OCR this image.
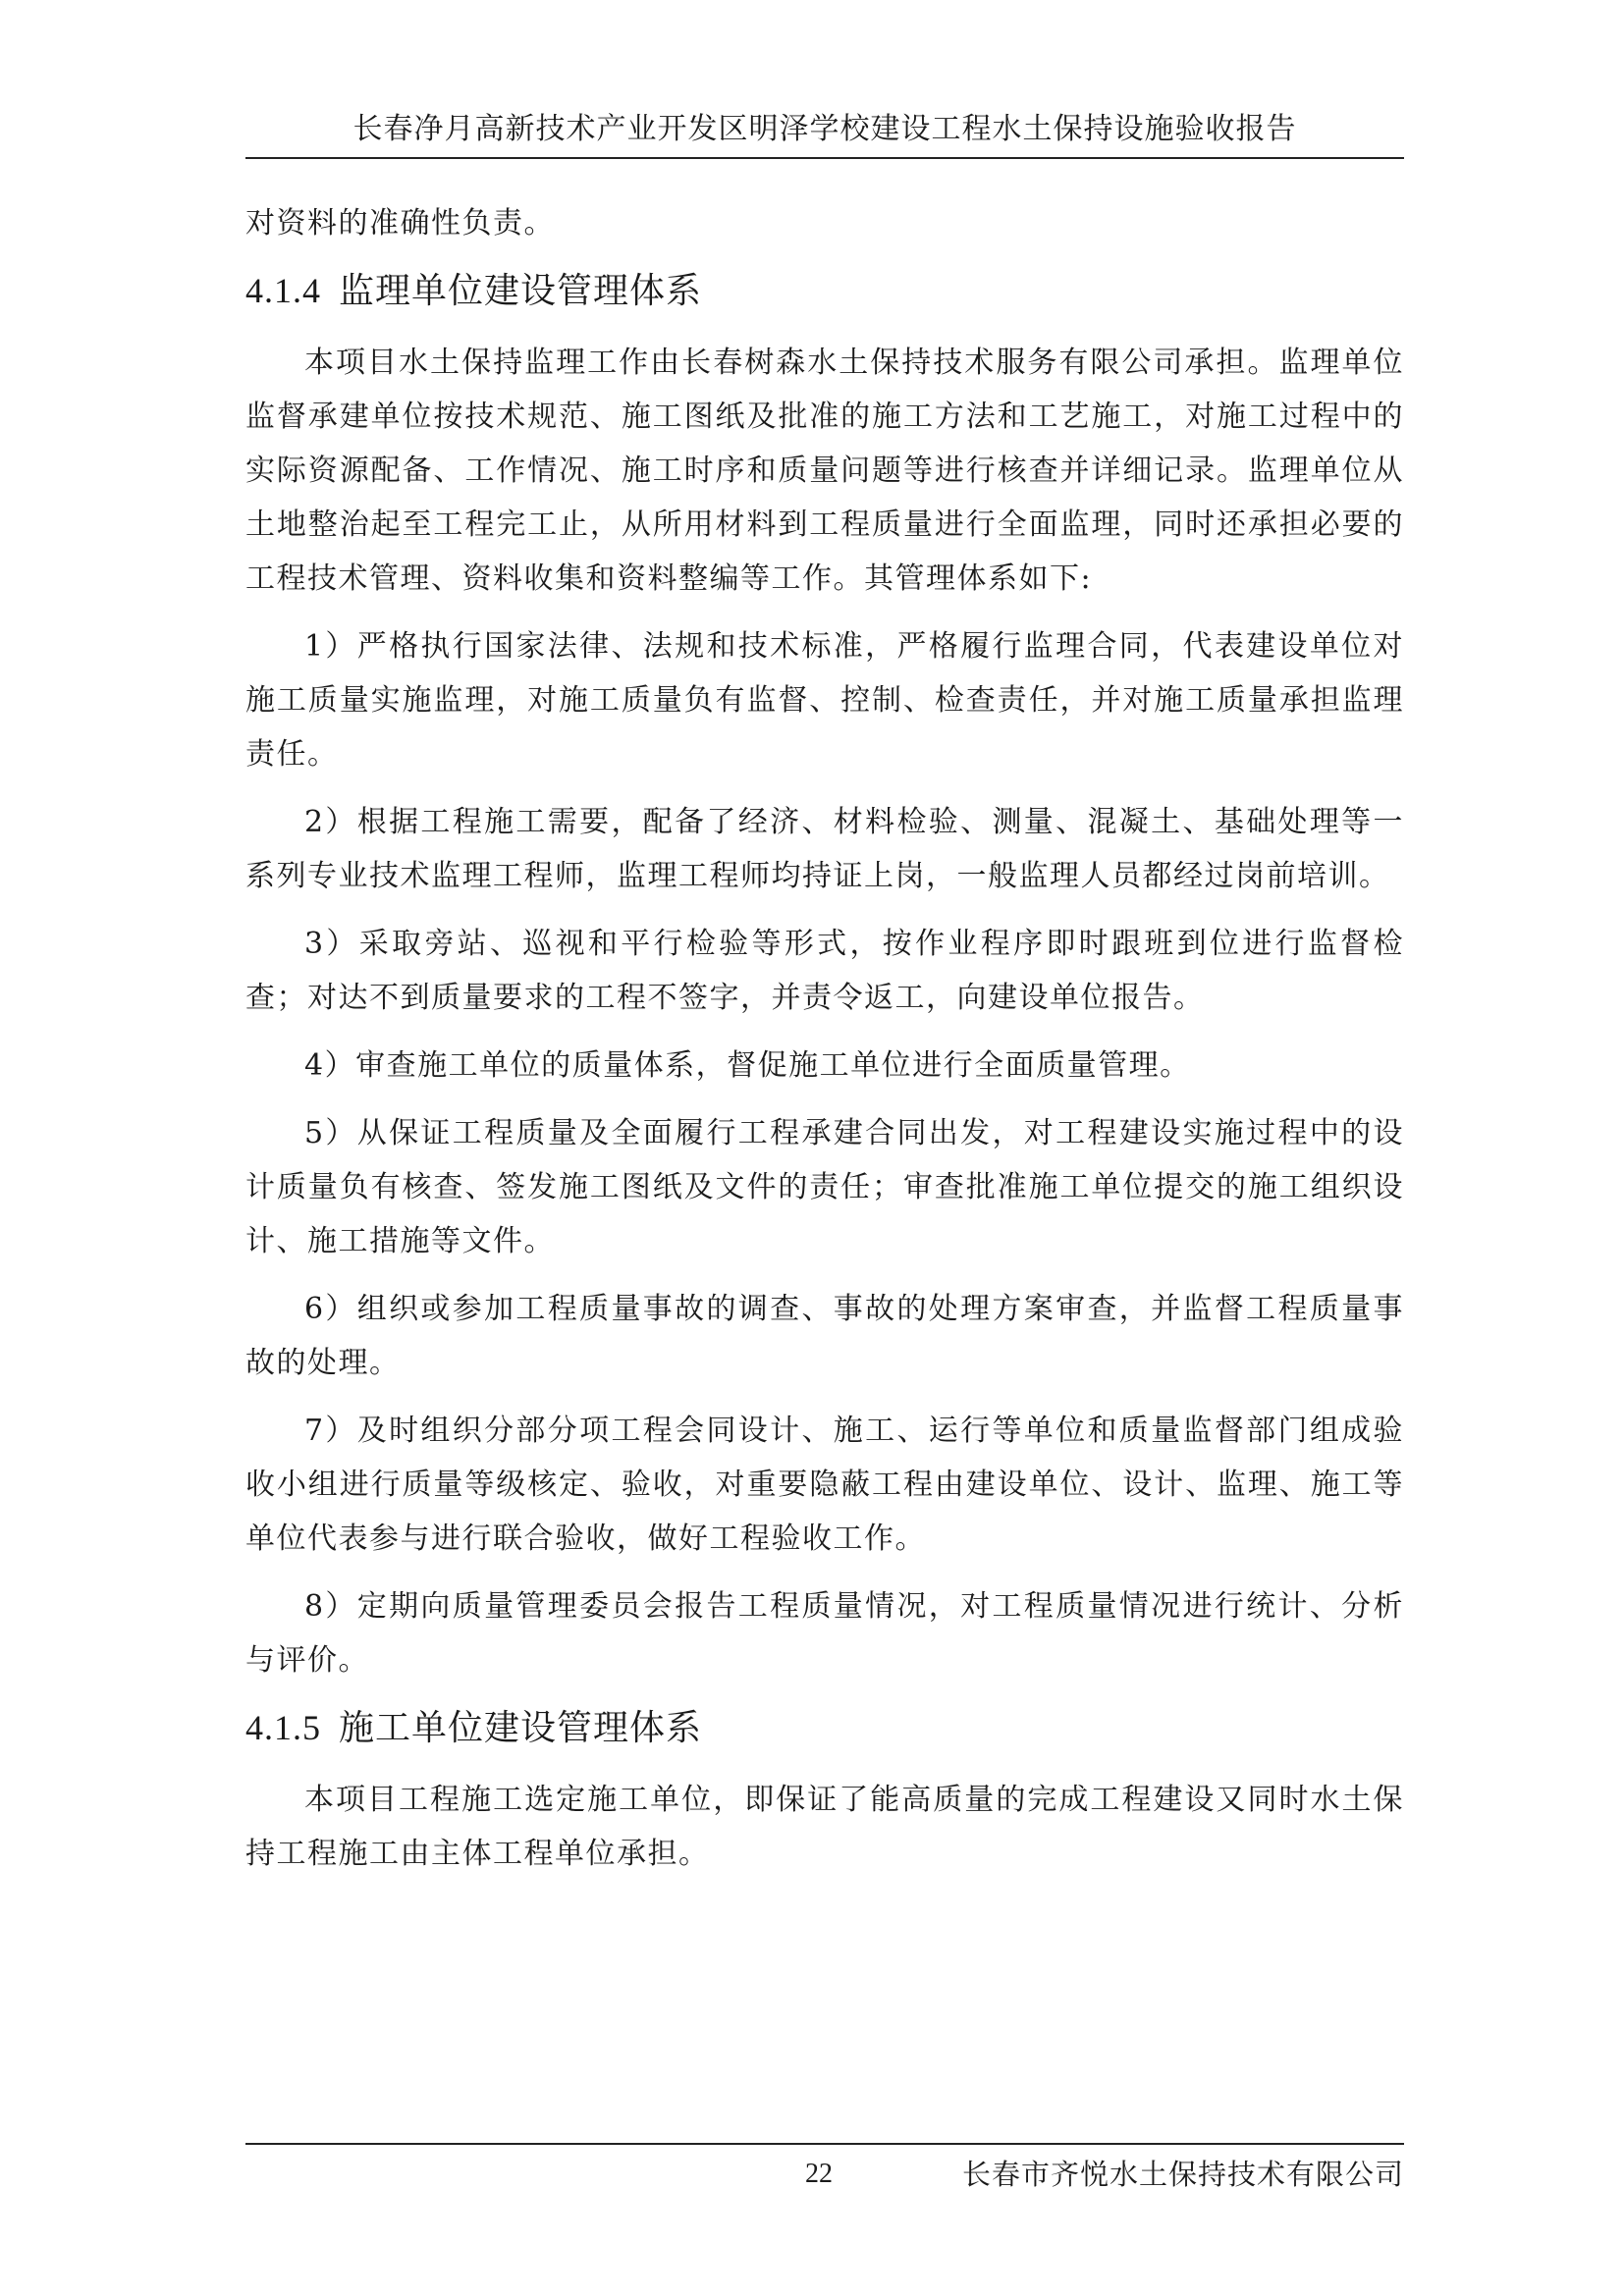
长春净月高新技术产业开发区明泽学校建设工程水土保持设施验收报告

对资料的准确性负责。

4.1.4 监理单位建设管理体系

本项目水土保持监理工作由长春树森水土保持技术服务有限公司承担。监理单位监督承建单位按技术规范、施工图纸及批准的施工方法和工艺施工，对施工过程中的实际资源配备、工作情况、施工时序和质量问题等进行核查并详细记录。监理单位从土地整治起至工程完工止，从所用材料到工程质量进行全面监理，同时还承担必要的工程技术管理、资料收集和资料整编等工作。其管理体系如下:

1）严格执行国家法律、法规和技术标准，严格履行监理合同，代表建设单位对施工质量实施监理，对施工质量负有监督、控制、检查责任，并对施工质量承担监理责任。

2）根据工程施工需要，配备了经济、材料检验、测量、混凝土、基础处理等一系列专业技术监理工程师，监理工程师均持证上岗，一般监理人员都经过岗前培训。

3）采取旁站、巡视和平行检验等形式，按作业程序即时跟班到位进行监督检查；对达不到质量要求的工程不签字，并责令返工，向建设单位报告。

4）审查施工单位的质量体系，督促施工单位进行全面质量管理。

5）从保证工程质量及全面履行工程承建合同出发，对工程建设实施过程中的设计质量负有核查、签发施工图纸及文件的责任；审查批准施工单位提交的施工组织设计、施工措施等文件。

6）组织或参加工程质量事故的调查、事故的处理方案审查，并监督工程质量事故的处理。

7）及时组织分部分项工程会同设计、施工、运行等单位和质量监督部门组成验收小组进行质量等级核定、验收，对重要隐蔽工程由建设单位、设计、监理、施工等单位代表参与进行联合验收，做好工程验收工作。

8）定期向质量管理委员会报告工程质量情况，对工程质量情况进行统计、分析与评价。

4.1.5 施工单位建设管理体系

本项目工程施工选定施工单位，即保证了能高质量的完成工程建设又同时水土保持工程施工由主体工程单位承担。

22	长春市齐悦水土保持技术有限公司
